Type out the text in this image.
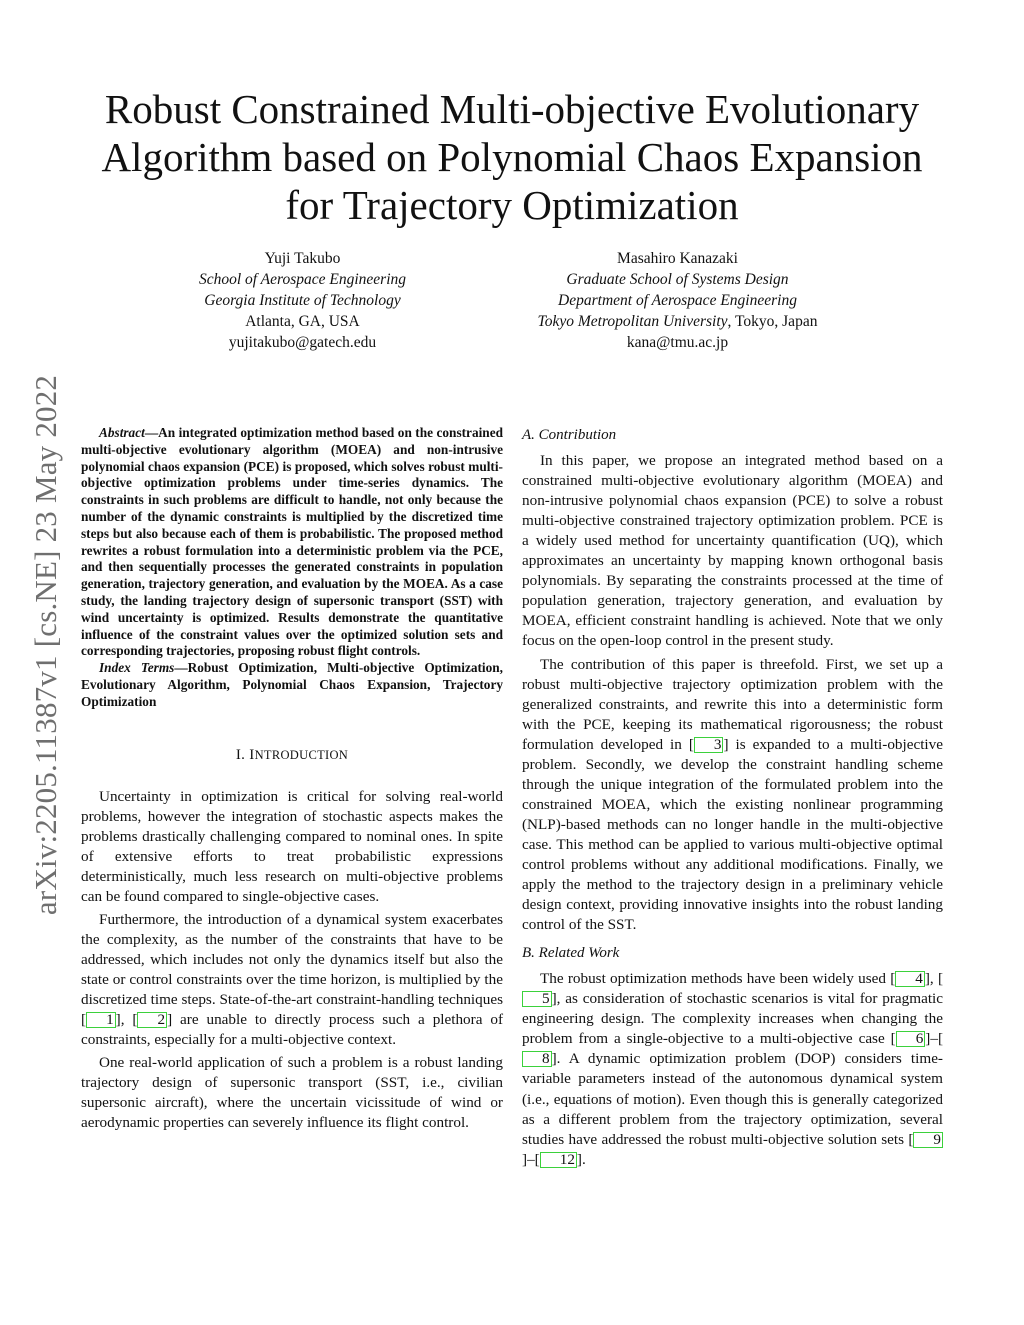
arXiv:2205.11387v1 [cs.NE] 23 May 2022
Robust Constrained Multi-objective Evolutionary
Algorithm based on Polynomial Chaos Expansion
for Trajectory Optimization
Yuji Takubo
School of Aerospace Engineering
Georgia Institute of Technology
Atlanta, GA, USA
yujitakubo@gatech.edu
Masahiro Kanazaki
Graduate School of Systems Design
Department of Aerospace Engineering
Tokyo Metropolitan University, Tokyo, Japan
kana@tmu.ac.jp

Abstract—An integrated optimization method based on the constrained multi-objective evolutionary algorithm (MOEA) and non-intrusive polynomial chaos expansion (PCE) is proposed, which solves robust multi-objective optimization problems under time-series dynamics. The constraints in such problems are difficult to handle, not only because the number of the dynamic constraints is multiplied by the discretized time steps but also because each of them is probabilistic. The proposed method rewrites a robust formulation into a deterministic problem via the PCE, and then sequentially processes the generated constraints in population generation, trajectory generation, and evaluation by the MOEA. As a case study, the landing trajectory design of supersonic transport (SST) with wind uncertainty is optimized. Results demonstrate the quantitative influence of the constraint values over the optimized solution sets and corresponding trajectories, proposing robust flight controls.

Index Terms—Robust Optimization, Multi-objective Optimization, Evolutionary Algorithm, Polynomial Chaos Expansion, Trajectory Optimization

I. INTRODUCTION

Uncertainty in optimization is critical for solving real-world problems, however the integration of stochastic aspects makes the problems drastically challenging compared to nominal ones. In spite of extensive efforts to treat probabilistic expressions deterministically, much less research on multi-objective problems can be found compared to single-objective cases.

Furthermore, the introduction of a dynamical system exacerbates the complexity, as the number of the constraints that have to be addressed, which includes not only the dynamics itself but also the state or control constraints over the time horizon, is multiplied by the discretized time steps. State-of-the-art constraint-handling techniques [ 1 ], [ 2 ] are unable to directly process such a plethora of constraints, especially for a multi-objective context.

One real-world application of such a problem is a robust landing trajectory design of supersonic transport (SST, i.e., civilian supersonic aircraft), where the uncertain vicissitude of wind or aerodynamic properties can severely influence its flight control.

A. Contribution

In this paper, we propose an integrated method based on a constrained multi-objective evolutionary algorithm (MOEA) and non-intrusive polynomial chaos expansion (PCE) to solve a robust multi-objective constrained trajectory optimization problem. PCE is a widely used method for uncertainty quantification (UQ), which approximates an uncertainty by mapping known orthogonal basis polynomials. By separating the constraints processed at the time of population generation, trajectory generation, and evaluation by MOEA, efficient constraint handling is achieved. Note that we only focus on the open-loop control in the present study.

The contribution of this paper is threefold. First, we set up a robust multi-objective trajectory optimization problem with the generalized constraints, and rewrite this into a deterministic form with the PCE, keeping its mathematical rigorousness; the robust formulation developed in [ 3 ] is expanded to a multi-objective problem. Secondly, we develop the constraint handling scheme through the unique integration of the formulated problem into the constrained MOEA, which the existing nonlinear programming (NLP)-based methods can no longer handle in the multi-objective case. This method can be applied to various multi-objective optimal control problems without any additional modifications. Finally, we apply the method to the trajectory design in a preliminary vehicle design context, providing innovative insights into the robust landing control of the SST.

B. Related Work

The robust optimization methods have been widely used [ 4 ], [5 ], as consideration of stochastic scenarios is vital for pragmatic engineering design. The complexity increases when changing the problem from a single-objective to a multi-objective case [ 6 ]–[8 ]. A dynamic optimization problem (DOP) considers time-variable parameters instead of the autonomous dynamical system (i.e., equations of motion). Even though this is generally categorized as a different problem from the trajectory optimization, several studies have addressed the robust multi-objective solution sets [ 9]–[ 12 ].
